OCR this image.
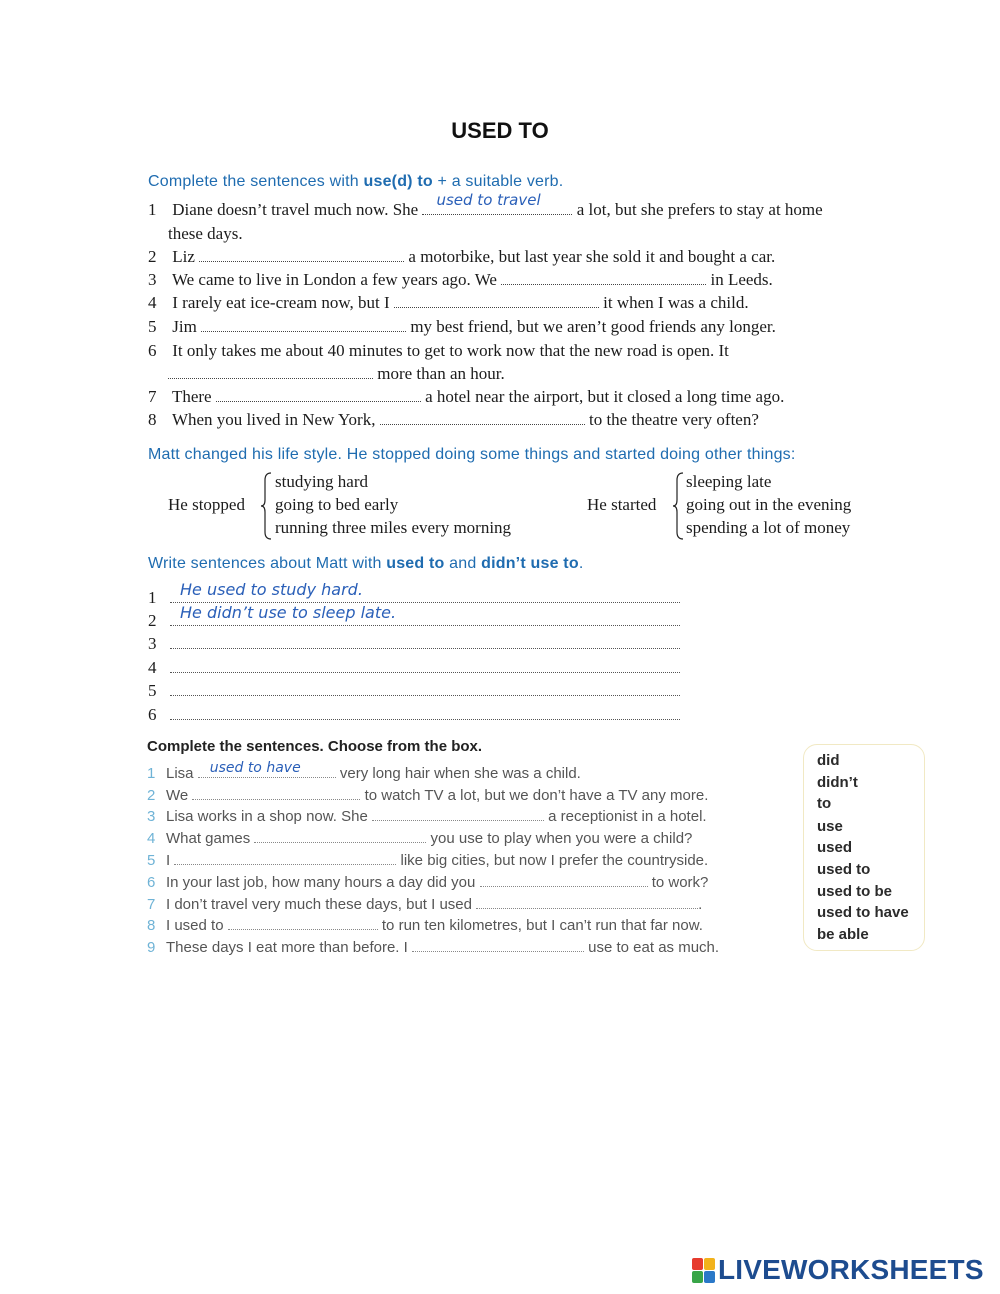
USED TO
Complete the sentences with use(d) to + a suitable verb.
1 Diane doesn’t travel much now. She used to travel a lot, but she prefers to stay at home
these days.
2 Liz	a motorbike, but last year she sold it and bought a car.
3 We came to live in London a few years ago. We	in Leeds.
4 I rarely eat ice-cream now, but I	it when I was a child.
5 Jim	my best friend, but we aren’t good friends any longer.
6 It only takes me about 40 minutes to get to work now that the new road is open. It
more than an hour.
7 There	a hotel near the airport, but it closed a long time ago.
8 When you lived in New York,	to the theatre very often?
Matt changed his life style. He stopped doing some things and started doing other things:
He stopped
studying hard
going to bed early
running three miles every morning
He started
sleeping late
going out in the evening
spending a lot of money
Write sentences about Matt with used to and didn’t use to.
1 He used to study hard.
2 He didn’t use to sleep late.
3
4
5
6
Complete the sentences. Choose from the box.
1 Lisa used to have	very long hair when she was a child.
2 We	to watch TV a lot, but we don’t have a TV any more.
3 Lisa works in a shop now. She	a receptionist in a hotel.
4 What games	you use to play when you were a child?
5 I	like big cities, but now I prefer the countryside.
6 In your last job, how many hours a day did you	to work?
7 I don’t travel very much these days, but I used	.
8 I used to	to run ten kilometres, but I can’t run that far now.
9 These days I eat more than before. I	use to eat as much.
did
didn’t
to
use
used
used to
used to be
used to have
be able
LIVEWORKSHEETS
